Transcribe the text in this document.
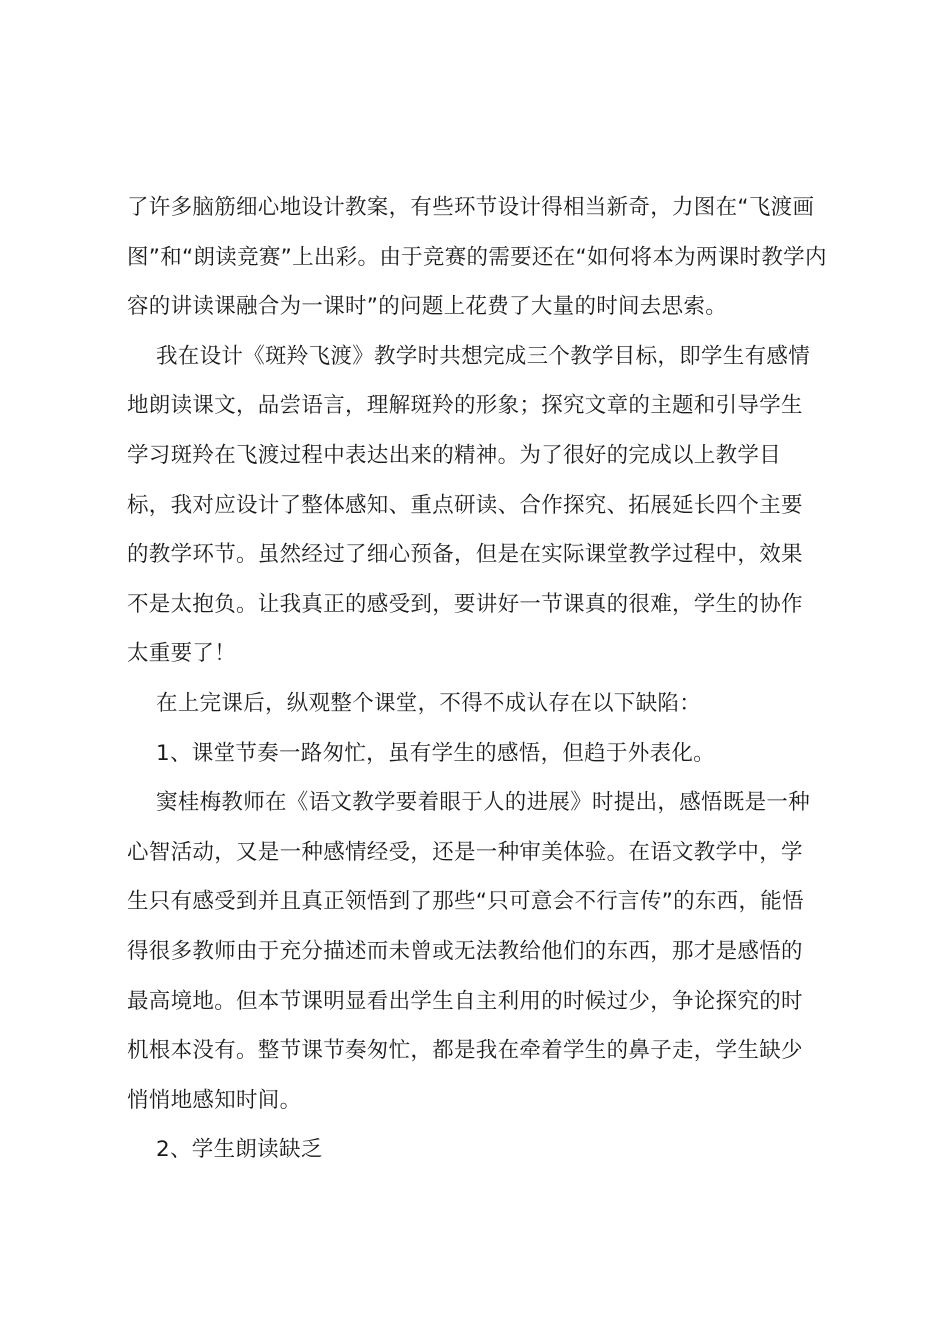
了许多脑筋细心地设计教案，有些环节设计得相当新奇，力图在“飞渡画
图”和“朗读竞赛”上出彩。由于竞赛的需要还在“如何将本为两课时教学内
容的讲读课融合为一课时”的问题上花费了大量的时间去思索。
我在设计《斑羚飞渡》教学时共想完成三个教学目标，即学生有感情
地朗读课文，品尝语言，理解斑羚的形象；探究文章的主题和引导学生
学习斑羚在飞渡过程中表达出来的精神。为了很好的完成以上教学目
标，我对应设计了整体感知、重点研读、合作探究、拓展延长四个主要
的教学环节。虽然经过了细心预备，但是在实际课堂教学过程中，效果
不是太抱负。让我真正的感受到，要讲好一节课真的很难，学生的协作
太重要了！
在上完课后，纵观整个课堂，不得不成认存在以下缺陷：
1、课堂节奏一路匆忙，虽有学生的感悟，但趋于外表化。
窦桂梅教师在《语文教学要着眼于人的进展》时提出，感悟既是一种
心智活动，又是一种感情经受，还是一种审美体验。在语文教学中，学
生只有感受到并且真正领悟到了那些“只可意会不行言传”的东西，能悟
得很多教师由于充分描述而未曾或无法教给他们的东西，那才是感悟的
最高境地。但本节课明显看出学生自主利用的时候过少，争论探究的时
机根本没有。整节课节奏匆忙，都是我在牵着学生的鼻子走，学生缺少
悄悄地感知时间。
2、学生朗读缺乏
